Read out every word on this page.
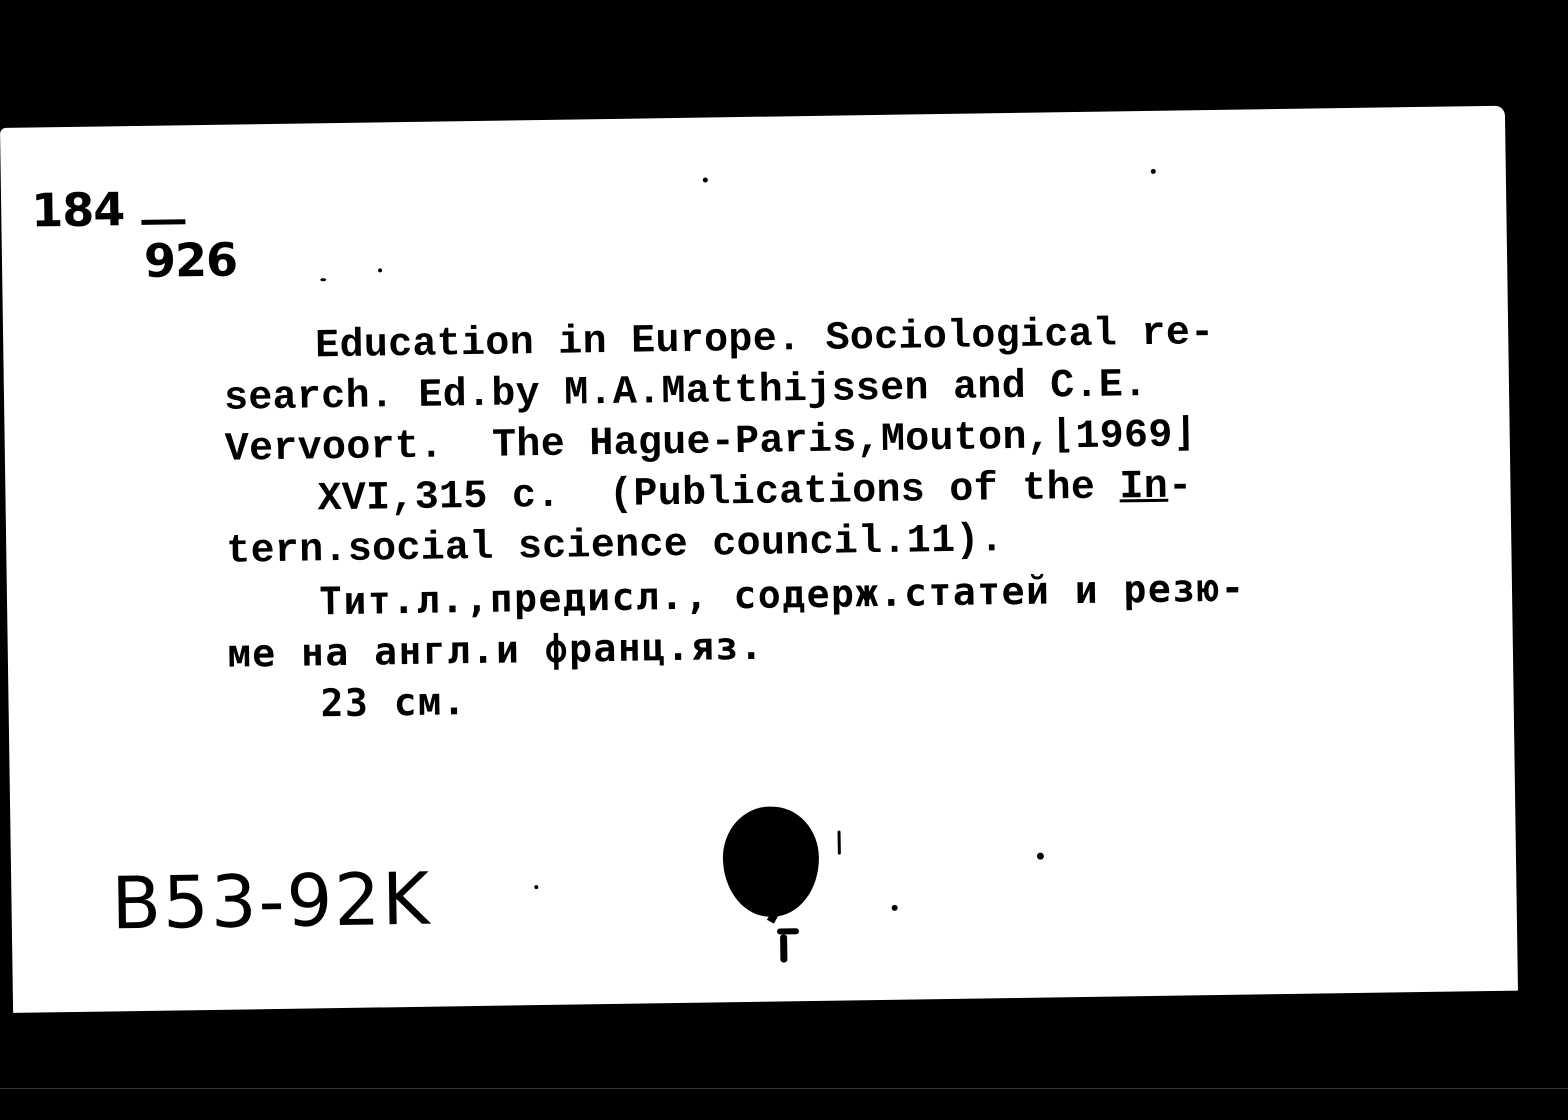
184
926
Education in Europe. Sociological re-
search. Ed.by M.A.Matthijssen and C.E.
Vervoort.  The Hague-Paris,Mouton,⌊1969⌋
XVI,315 c.  (Publications of the In-
tern.social science council.11).
Тит.л.,предисл., содерж.статей и резю-
ме на англ.и франц.яз.
23 см.
B53-92K
